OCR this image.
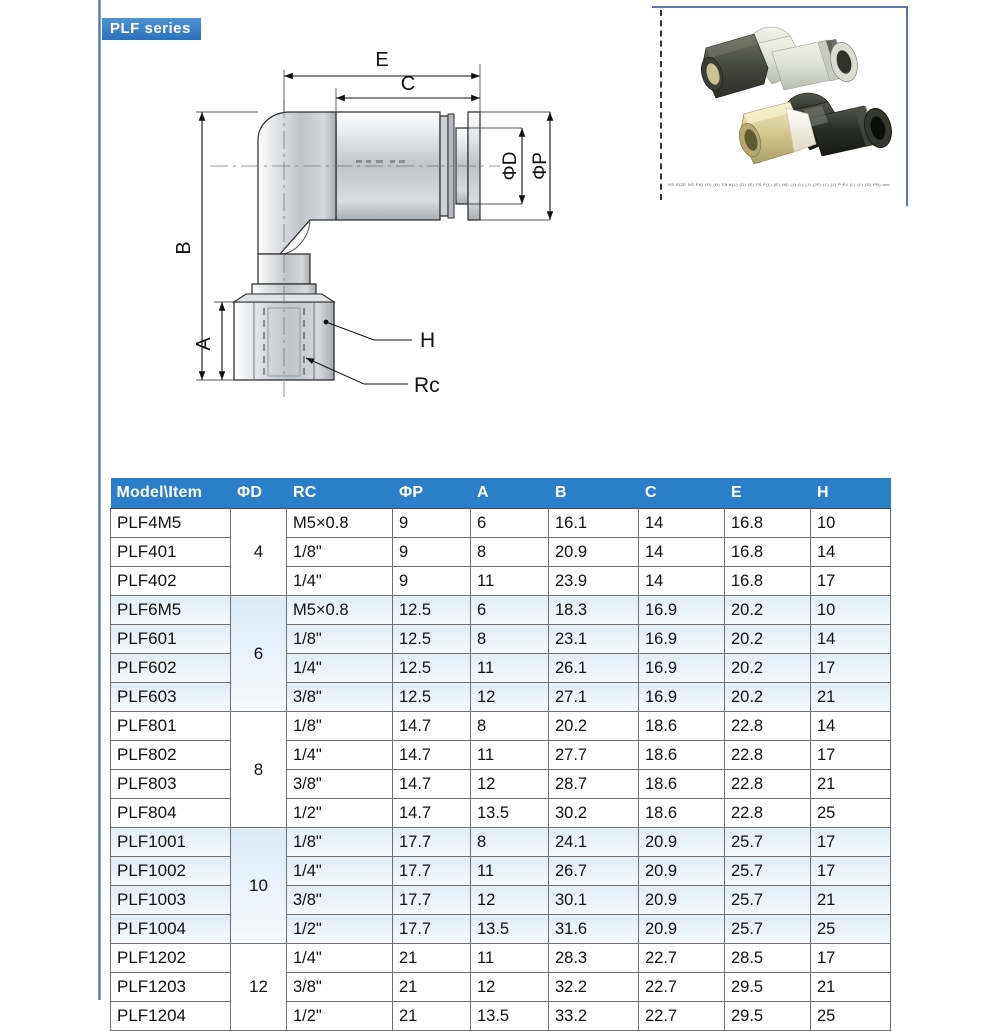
PLF series
NS SIZE NS FIQ (D) (H) FB A(L) (D) (E) FS F(L) (E) (M) (J) (L) (J) (JF) (L) (J) P P4 (L) (L) (D) PB) mm
E
C
ΦD ΦP
B
A	H
Rc
Model\Item	ΦD	RC	ΦP	A	B	C	E	H
PLF4M5	4	M5×0.8	9	6	16.1	14	16.8	10
PLF401		1/8"	9	8	20.9	14	16.8	14
PLF402		1/4"	9	11	23.9	14	16.8	17
PLF6M5	6	M5×0.8	12.5	6	18.3	16.9	20.2	10
PLF601		1/8"	12.5	8	23.1	16.9	20.2	14
PLF602		1/4"	12.5	11	26.1	16.9	20.2	17
PLF603		3/8"	12.5	12	27.1	16.9	20.2	21
PLF801	8	1/8"	14.7	8	20.2	18.6	22.8	14
PLF802		1/4"	14.7	11	27.7	18.6	22.8	17
PLF803		3/8"	14.7	12	28.7	18.6	22.8	21
PLF804		1/2"	14.7	13.5	30.2	18.6	22.8	25
PLF1001	10	1/8"	17.7	8	24.1	20.9	25.7	17
PLF1002		1/4"	17.7	11	26.7	20.9	25.7	17
PLF1003		3/8"	17.7	12	30.1	20.9	25.7	21
PLF1004		1/2"	17.7	13.5	31.6	20.9	25.7	25
PLF1202	12	1/4"	21	11	28.3	22.7	28.5	17
PLF1203		3/8"	21	12	32.2	22.7	29.5	21
PLF1204		1/2"	21	13.5	33.2	22.7	29.5	25
